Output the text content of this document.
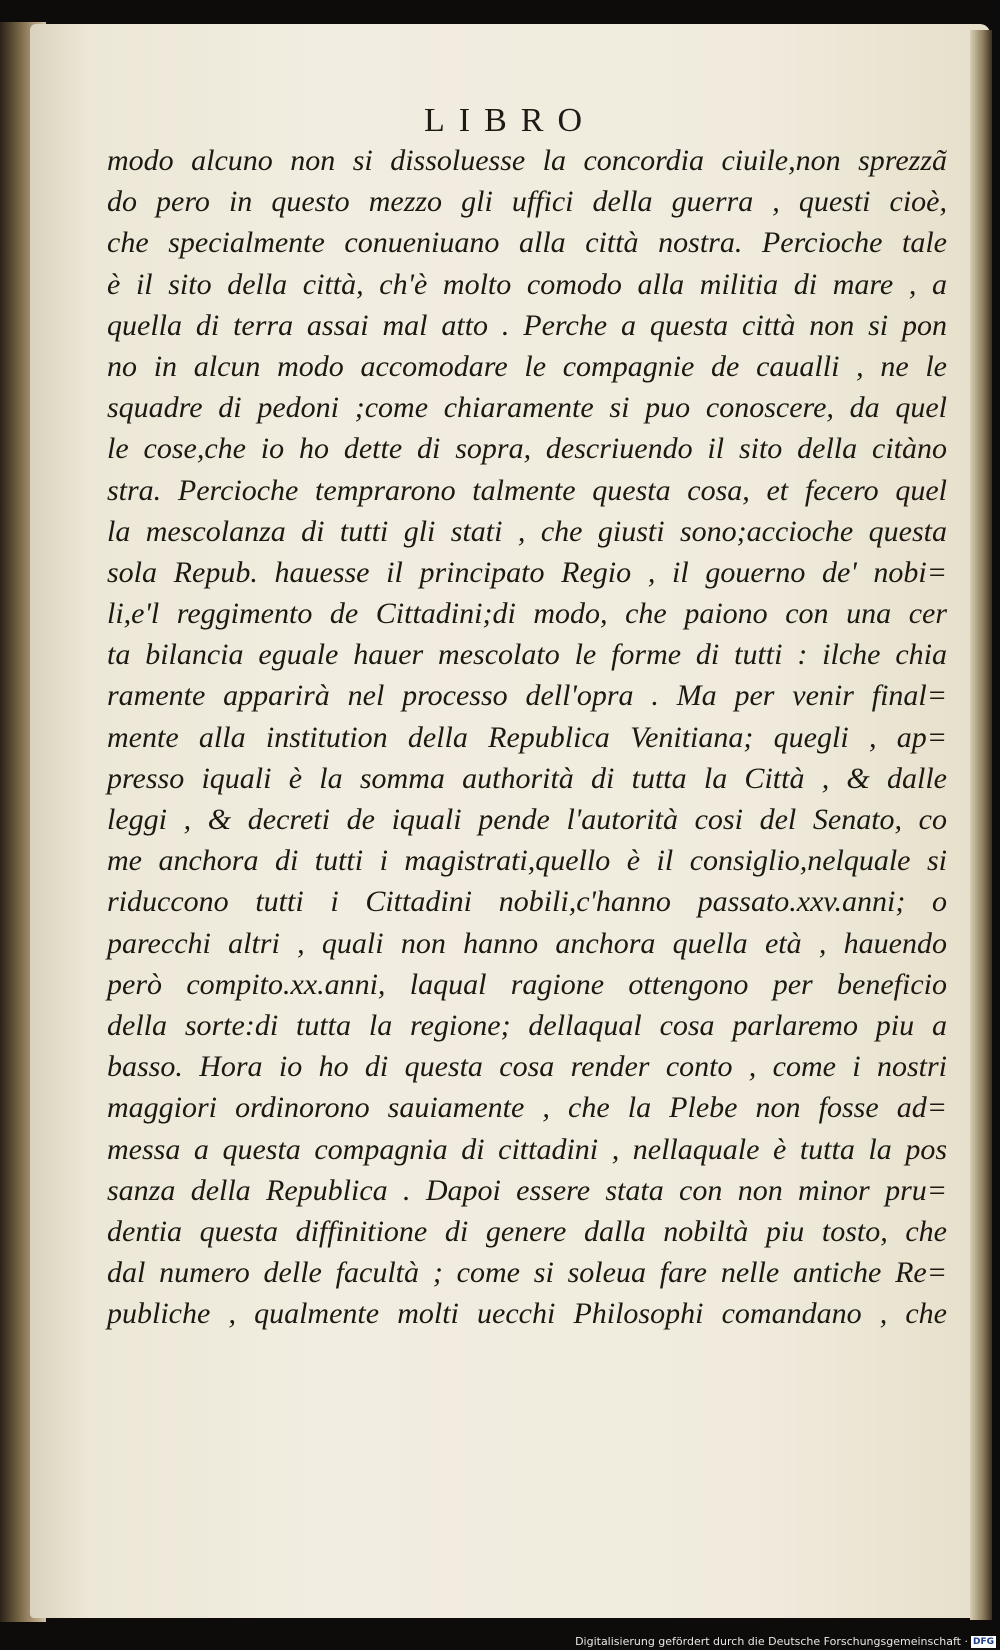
LIBRO
modo alcuno non si dissoluesse la concordia ciuile,non sprezzã
do pero in questo mezzo gli uffici della guerra , questi cioè,
che specialmente conueniuano alla città nostra. Percioche tale
è il sito della città, ch'è molto comodo alla militia di mare , a
quella di terra assai mal atto . Perche a questa città non si pon
no in alcun modo accomodare le compagnie de caualli , ne le
squadre di pedoni ;come chiaramente si puo conoscere, da quel
le cose,che io ho dette di sopra, descriuendo il sito della citàno
stra. Percioche temprarono talmente questa cosa, et fecero quel
la mescolanza di tutti gli stati , che giusti sono;accioche questa
sola Repub. hauesse il principato Regio , il gouerno de' nobi=
li,e'l reggimento de Cittadini;di modo, che paiono con una cer
ta bilancia eguale hauer mescolato le forme di tutti : ilche chia
ramente apparirà nel processo dell'opra . Ma per venir final=
mente alla institution della Republica Venitiana; quegli , ap=
presso iquali è la somma authorità di tutta la Città , & dalle
leggi , & decreti de iquali pende l'autorità cosi del Senato, co
me anchora di tutti i magistrati,quello è il consiglio,nelquale si
riduccono tutti i Cittadini nobili,c'hanno passato.xxv.anni; o
parecchi altri , quali non hanno anchora quella età , hauendo
però compito.xx.anni, laqual ragione ottengono per beneficio
della sorte:di tutta la regione; dellaqual cosa parlaremo piu a
basso. Hora io ho di questa cosa render conto , come i nostri
maggiori ordinorono sauiamente , che la Plebe non fosse ad=
messa a questa compagnia di cittadini , nellaquale è tutta la pos
sanza della Republica . Dapoi essere stata con non minor pru=
dentia questa diffinitione di genere dalla nobiltà piu tosto, che
dal numero delle facultà ; come si soleua fare nelle antiche Re=
publiche , qualmente molti uecchi Philosophi comandano , che
Digitalisierung gefördert durch die Deutsche Forschungsgemeinschaft · DFG
